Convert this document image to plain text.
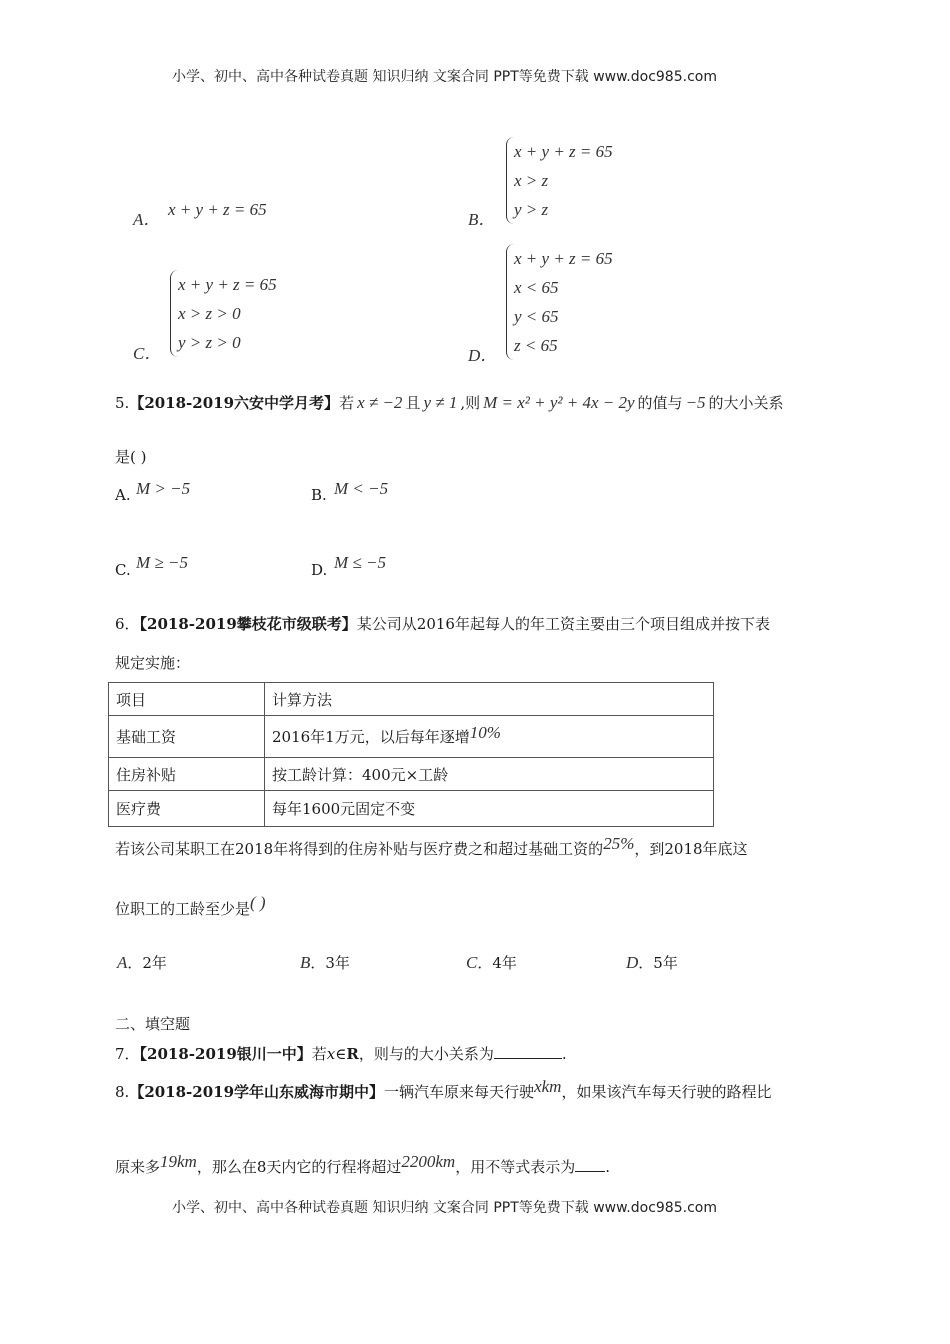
小学、初中、高中各种试卷真题 知识归纳 文案合同 PPT等免费下载 www.doc985.com
A．
x + y + z = 65
B．
x + y + z = 65
x > z
y > z
C．
x + y + z = 65
x > z > 0
y > z > 0
D．
x + y + z = 65
x < 65
y < 65
z < 65
5.【2018-2019六安中学月考】若 x ≠ −2 且 y ≠ 1 ,则 M = x² + y² + 4x − 2y 的值与 −5 的大小关系
是( )
A. M > −5	B. M < −5
C. M ≥ −5	D. M ≤ −5
6．【2018-2019攀枝花市级联考】某公司从2016年起每人的年工资主要由三个项目组成并按下表
规定实施：
项目	计算方法
基础工资	2016年1万元，以后每年逐增10%
住房补贴	按工龄计算：400元×工龄
医疗费	每年1600元固定不变
若该公司某职工在2018年将得到的住房补贴与医疗费之和超过基础工资的25%，到2018年底这
位职工的工龄至少是( )
A．2年	B．3年	C．4年	D．5年
二、填空题
7．【2018-2019银川一中】若x∈R，则与的大小关系为	.
8.【2018-2019学年山东威海市期中】一辆汽车原来每天行驶xkm，如果该汽车每天行驶的路程比
原来多19km，那么在8天内它的行程将超过2200km，用不等式表示为 .
小学、初中、高中各种试卷真题 知识归纳 文案合同 PPT等免费下载 www.doc985.com
